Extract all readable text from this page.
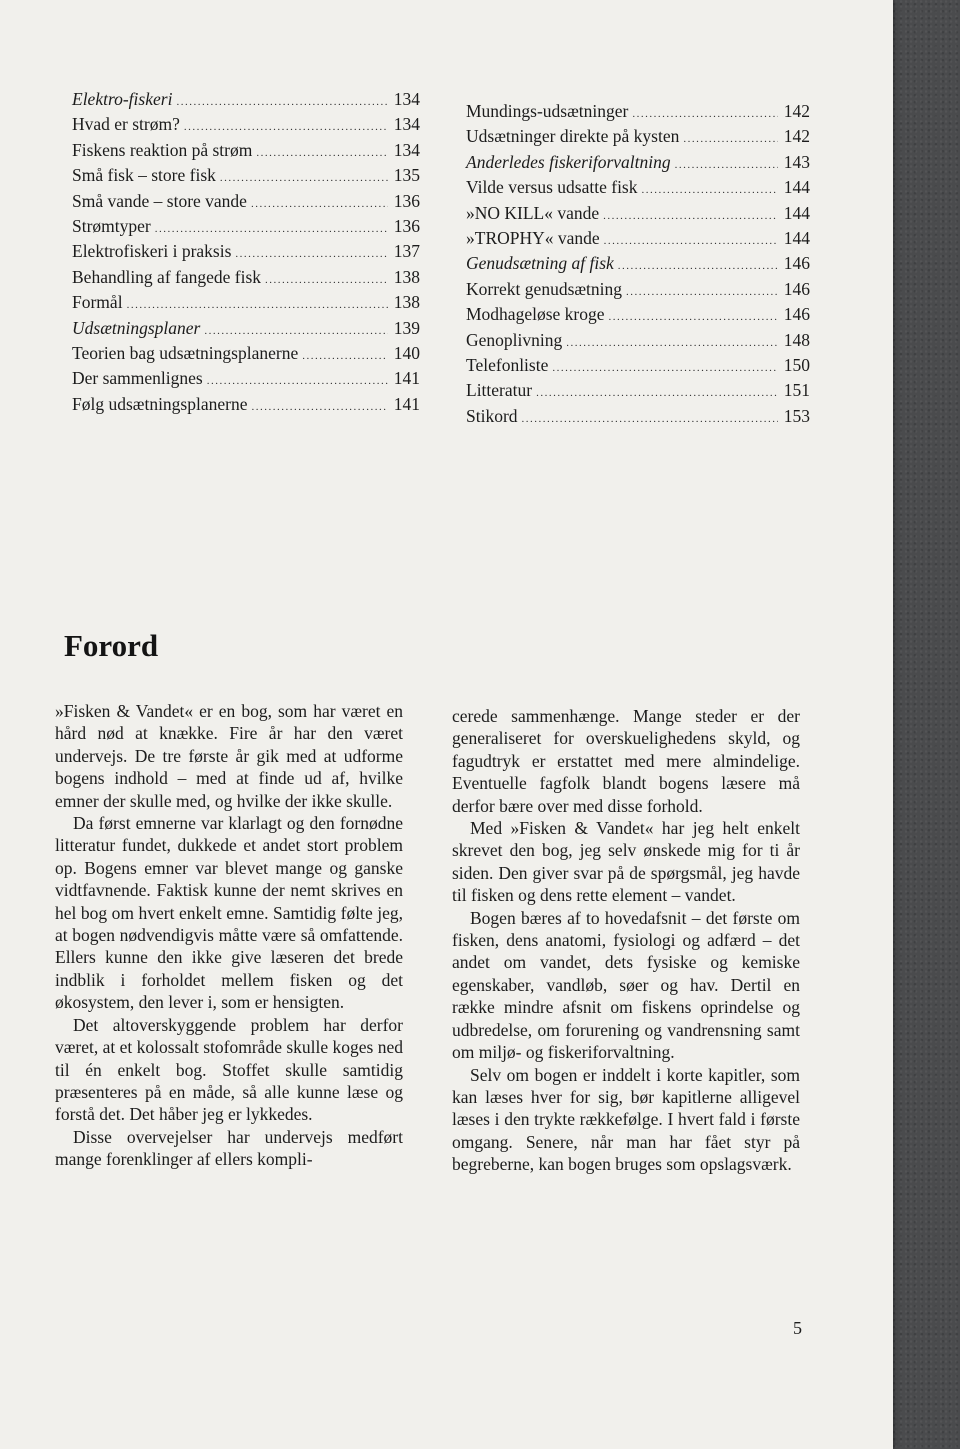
Elektro-fiskeri .....	134
Hvad er strøm? .....	134
Fiskens reaktion på strøm .....	134
Små fisk – store fisk .....	135
Små vande – store vande .....	136
Strømtyper .....	136
Elektrofiskeri i praksis .....	137
Behandling af fangede fisk .....	138
Formål .....	138
Udsætningsplaner .....	139
Teorien bag udsætningsplanerne .....	140
Der sammenlignes .....	141
Følg udsætningsplanerne .....	141
Mundings-udsætninger .....	142
Udsætninger direkte på kysten .....	142
Anderledes fiskeriforvaltning .....	143
Vilde versus udsatte fisk .....	144
»NO KILL« vande .....	144
»TROPHY« vande .....	144
Genudsætning af fisk .....	146
Korrekt genudsætning .....	146
Modhageløse kroge .....	146
Genoplivning .....	148
Telefonliste .....	150
Litteratur .....	151
Stikord .....	153
Forord

»Fisken & Vandet« er en bog, som har været en hård nød at knække. Fire år har den været undervejs. De tre første år gik med at udforme bogens indhold – med at finde ud af, hvilke emner der skulle med, og hvilke der ikke skulle.

Da først emnerne var klarlagt og den fornødne litteratur fundet, dukkede et andet stort problem op. Bogens emner var blevet mange og ganske vidtfavnende. Faktisk kunne der nemt skrives en hel bog om hvert enkelt emne. Samtidig følte jeg, at bogen nødvendigvis måtte være så omfattende. Ellers kunne den ikke give læseren det brede indblik i forholdet mellem fisken og det økosystem, den lever i, som er hensigten.

Det altoverskyggende problem har derfor været, at et kolossalt stofområde skulle koges ned til én enkelt bog. Stoffet skulle samtidig præsenteres på en måde, så alle kunne læse og forstå det. Det håber jeg er lykkedes.

Disse overvejelser har undervejs medført mange forenklinger af ellers kompli-

cerede sammenhænge. Mange steder er der generaliseret for overskuelighedens skyld, og fagudtryk er erstattet med mere almindelige. Eventuelle fagfolk blandt bogens læsere må derfor bære over med disse forhold.

Med »Fisken & Vandet« har jeg helt enkelt skrevet den bog, jeg selv ønskede mig for ti år siden. Den giver svar på de spørgsmål, jeg havde til fisken og dens rette element – vandet.

Bogen bæres af to hovedafsnit – det første om fisken, dens anatomi, fysiologi og adfærd – det andet om vandet, dets fysiske og kemiske egenskaber, vandløb, søer og hav. Dertil en række mindre afsnit om fiskens oprindelse og udbredelse, om forurening og vandrensning samt om miljø- og fiskeriforvaltning.

Selv om bogen er inddelt i korte kapitler, som kan læses hver for sig, bør kapitlerne alligevel læses i den trykte rækkefølge. I hvert fald i første omgang. Senere, når man har fået styr på begreberne, kan bogen bruges som opslagsværk.

5
